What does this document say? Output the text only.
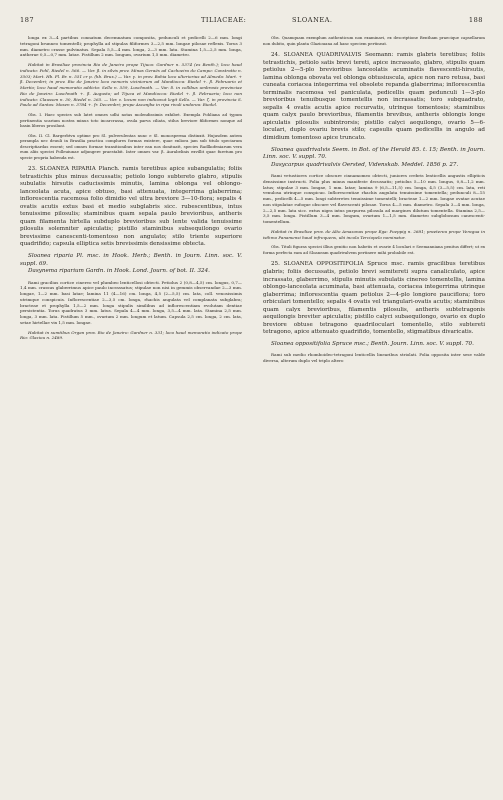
187	TILIACEAE:	SLOANEA.	188

longa ex 3—4 partibus connatum decemnatum composita, pedunculi et pedicelli 2—6 mm. longi tetragoni brunneo tomentelli; prophylla ad stipulas filiformes 3—2,5 mm. longae pilosae reflexis. Torus 3 mm. diametro crasse pulvinatus. Sepala 5,5—4 mm. longa, 2—3 mm. lata. Stamina 1,5—2,5 mm. longa, antherae 0,5—0,7 mm. latae. Pistillum 2 mm. longum, ovarium 1,5 mm. diametro.

Habitat in Brasiliae provincia Rio de Janeiro prope Tijuca: Gardner n. 5374 (ex Benth.); loco haud indicato: Pohl, Riedel n. 566. — Var. β. in silvis prov. Minas Geraës ad Cachoeira do Campo: Constratto n. 3503; Mart. Hb. Fl. Br. n. 551 cr p. (hb. Brux.) — Var. γ. in prov. Bahia loco ulteriorius ad Almeda: Mart. + β. Decembri; in prov. Rio de Janeiro loco nemoris viciniorum ad Mandiocca: Riedel +. β. Februario et Martio; loco haud memoratio addicto: Sello n. 559, Luschnath. — Var. δ. in collibus umbrosis provinciae Rio de Janeiro: Luschnath +. β. Augusto; ad Tijuca et Mandiocca: Riedel +. β. Februario; loco non indicato: Claussen n. 30, Riedel n. 265. — Var. ε. locum non indicavut legit Sello. — Var. ζ. in provincia S. Paulo ad Santos: Mosen n. 3784 +. fr. Decembri; prope Ascanjba in ripa rivuli undorea: Riedel.

Obs. I. Haec species sub latet omnes udhi notas molendissimis exhibet. Exempla Pohliana ad typum pertinentia scarium nostra minus toto incarcrassa, ovula parva ciliata, stilus breviore filiformes nonque ad basin liberos prosilunt.

Obs. II. Cl. Bargerbtvn optime pro Sl. pulverulentas nunc e Sl. monosperma distinxit. Hujusdem autem perampla nec deuuli in Brasilia practica complures formas existere, quae enliora jam sub titulo speciarum descriptiardas essent; sed omnes formae transitionibus inter ean nos donituatt, species Radlkofeniarum vera eum aliis speciei Polleuiunae adjungere praestabit. Inter omnes var. β. Aurabelinis exvillit quae furetum pro specie propria habenda est.

23. SLOANEA RIPARIA Planch. ramis teretibus apice subangulatis; foliis tetrastichis plus minus decussatis; petiolo longo subtereto glabro, stipulis subulatis hirsutis caducissimis minutis, lamina oblonga vel oblongo-lanceolata acuta, apice obtuso, basi attenuata, integerrima glaberrima; inflorescentia racemosa folio dimidio vel ultra breviore 3—10-flora; sepalis 4 ovatis acutis extus basi et medio subglabris sicc. rubescentibus, intus tenuissime pilosulis; staminibus quam sepala paulo brevioribus, antheris quam filamenta hirtella subduplo brevioribus sub lente valida tenuissime pilosulis solemniter apiculatis; pistillo staminibus subsequilongo ovario brevissime canescenti-tomentoso non angulato; stilo triente superiore quadrifido; capsula elliptica setis brevissimis densissime obtecta.

Sloanea riparia Pl. msc. in Hook. Herb.; Benth. in Journ. Linn. soc. V. suppl. 69.

Dasynema riparium Gardn. in Hook. Lond. Journ. of bot. II. 324.

Rami gracilius cortice cinereo vel plumbeo lenticellosi obtecti. Petiolus 2 (0,8—4,5) cm. longus, 0,7—1,4 mm. crassus glaberrimus apice paulo incrassatus; stipulae non nisi in gemmis observandae 2—3 mm. longae, 1—2 mm. basi latae; lamina 11 (4—16) cm. longa, 4,5 (2—5,5) cm. lata, coll. venosissimis utrimque conspicuis. Inflorescentiae 2—3,5 cm. longa, rhachis angulata vel complanata subglabra; bracteae et prophylla 1,5—2 mm. longa stipulis similibus ad inflorescentiam evolutam dentiae persistentia. Torus quadratus 3 mm. latus. Sepala 4—4 mm. longa, 3,5—4 mm. lata. Stamina 2,5 mm. longa, 3 mm. lata. Pistillum 5 mm., ovarium 2 mm. longum et latum. Capsula 2,5 cm. longa, 2 cm. lata, setae hirtellae vix 1,5 mm. longae.

Habitat in sumtibus Organ prov. Rio de Janeiro: Gardner n. 331; loco haud memoratio indicato prope Rio: Glaziou n. 2489.

Obs. Quamquam exemplum authenticum non examinavi, ex descriptione Bentham praecique capsellarum non dubito, quin planta Glaziouana ad hanc speciem pertineat.

24. SLOANEA QUADRIVALVIS Seemann: ramis glabris teretibus; foliis tetrastichis, petiolo satis brevi tereti, apice incrassato, glabro, stipulis quam petiolus 2—5-plo brevioribus lanceolatis acuminatis flavescenti-hirsutis, lamina oblonga obovata vel oblonga obtusiuscula, apice non raro retusa, basi cuneata coriacea integerrima vel obsolete repanda glaberrima; inflorescentia terminalis racemosa vel paniculata, pedicellis quam pedunculi 1—3-plo brevioribus tenuibusque tomentellis non incrassatis; toro subquadrato, sepalis 4 ovatis acutis apice recurvatis, utrinque tomentosis; staminibus quam calyx paulo brevioribus, filamentis brevibus, antheris oblongis longe apiculatis pilosulis subintrorsis; pistillo calyci aequilongo, ovario 5—6-loculari, duplo ovariu brevis stilo; capsulis quam pedicellis in angulo ad dimidium tomentoso apice truncato.

Sloanea quadrivalvis Seem. in Bot. of the Herald 85. t. 15; Benth. in Journ. Linn. soc. V. suppl. 70.

Dasycarpus quadrivalvis Oersted, Videnskab. Meddel. 1856 p. 27.

Rami vetustiores cortice obscure cinnamomeo obtecti, juniores crebris lenticellis angustis ellipticis densissime instructi. Folia plus minus manifeste decussatis; petiolus 5—10 mm. longus, 0,8—1,2 mm. latus; stipulae 3 mm. longae, 1 mm. latae; lamina 9 (6,5—11,5) cm. longa, 4,5 (3—5,5) cm. lata, reti venulosa utrinque conspicuo. Inflorescentiae rhachis angulata tenuissime tomentella; pedunculi 8—15 mm., pedicelli 4—5 mm. longi subteretes tenuissime tomentelli; bracteae 1—2 mm. longae ovatae acutae non stipulatae rufoque obscure vel flavescenti pilosae. Torus 4—5 mm. diametro. Sepala 3—4 mm. longa, 2—2,5 mm. lata sicc. extus nigra intus purpurea pilosula ad margines dilutum tomentella. Stamina 2,5—3,5 mm. longa. Pistillum 3—4 mm. longum, ovarium 1—1,5 mm. diametro subglobosum canescenti-tomentellum.

Habitat in Brasiliae prov. de Alto Amazonas prope Ega: Poeppig n. 2681; praeterea prope Veragua in isthmo Panamensi haud infrequens, ubi incola Terciopelo nominatur.

Obs. Tituli figuras speciei illius genitio non habetis et ovarie 4 loculari e Seemanniana penitus differt; ut ex forma perfecta eam ad Sloaneam quadrivalvem pertinere mihi probabile est.

25. SLOANEA OPPOSITIFOLIA Spruce msc. ramis gracilibus teretibus glabris; foliis decussatis, petiolo brevi semitereti supra canaliculato, apice incrassato, glaberrimo, stipulis minutis subulatis cinereo tomentellis, lamina oblongo-lanceolata acuminata, basi attenuata, coriacea integerrima utrinque glaberrima; inflorescentia quam petiolus 2—4-plo longiore pauciflora; toro orbiculari tomentello; sepalis 4 ovatis vel triangulari-ovatis acutis; staminibus quam calyx brevioribus, filamentis pilosulis, antheris subtetragonis aequilongis breviter apiculatis; pistillo calyci subaequilongo, ovario ex duplo breviore obtuse tetragono quadriloculari tomentello, stilo subtereti tetragono, apice attenuato quadrifido, tomentello, stigmatibus divaricatis.

Sloanea oppositifolia Spruce msc.; Benth. Journ. Linn. soc. V. suppl. 70.

Rami sub medio rhomboideo-tetragoni lenticellis linearibus striolati. Folia opposita inter sese valde diversa, alterum duplo vel triplo altero
